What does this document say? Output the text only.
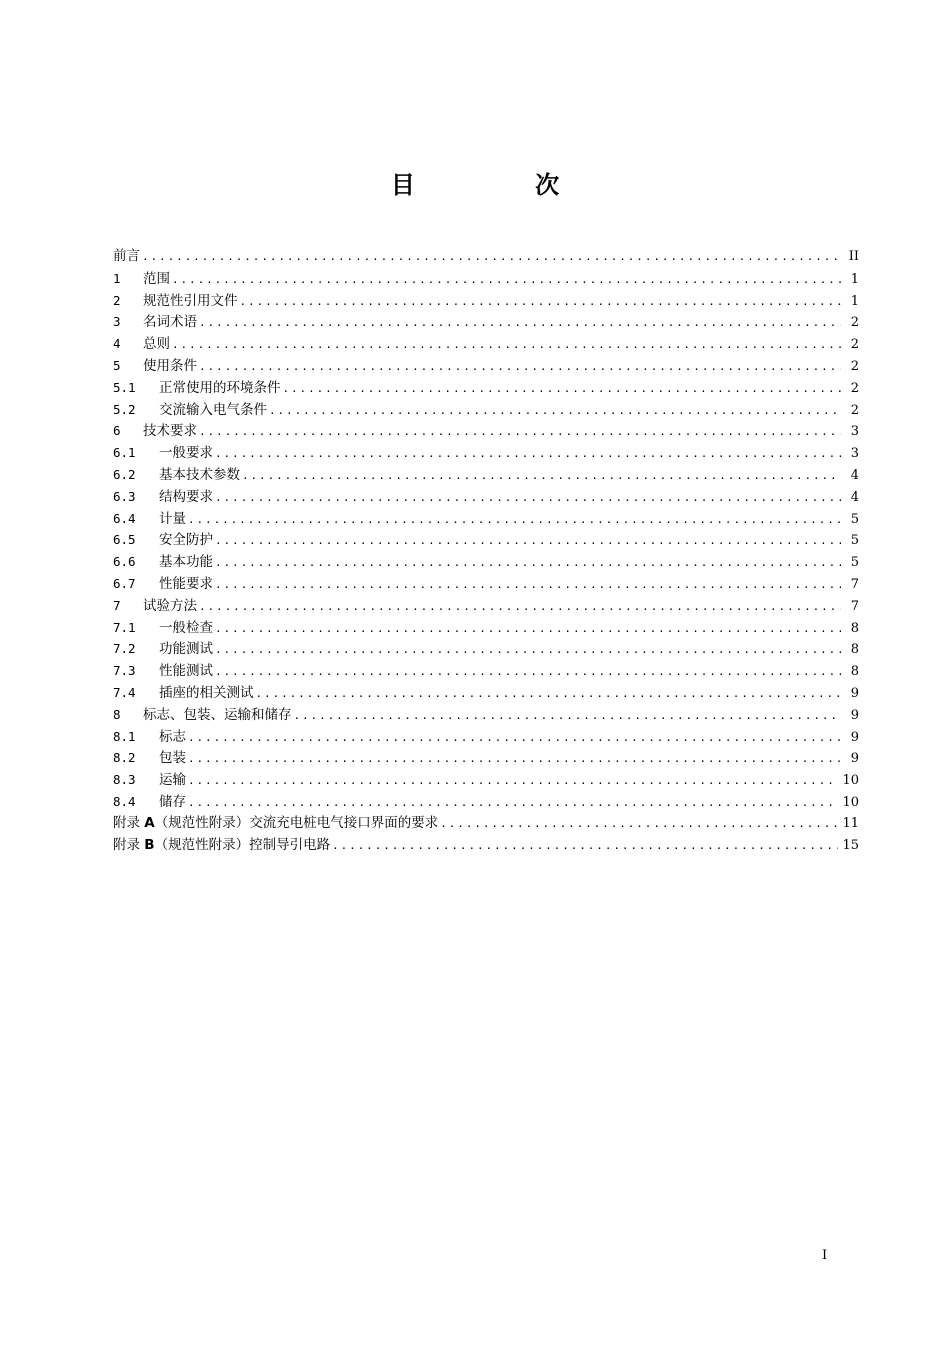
目 次
前言 .....	II
1	范围 .....	1
2	规范性引用文件 .....	1
3	名词术语 .....	2
4	总则 .....	2
5	使用条件 .....	2
5.1	正常使用的环境条件 .....	2
5.2	交流输入电气条件 .....	2
6	技术要求 .....	3
6.1	一般要求 .....	3
6.2	基本技术参数 .....	4
6.3	结构要求 .....	4
6.4	计量 .....	5
6.5	安全防护 .....	5
6.6	基本功能 .....	5
6.7	性能要求 .....	7
7	试验方法 .....	7
7.1	一般检查 .....	8
7.2	功能测试 .....	8
7.3	性能测试 .....	8
7.4	插座的相关测试 .....	9
8	标志、包装、运输和储存 .....	9
8.1	标志 .....	9
8.2	包装 .....	9
8.3	运输 .....	10
8.4	储存 .....	10
附录 A（规范性附录）交流充电桩电气接口界面的要求 .....	11
附录 B（规范性附录）控制导引电路 .....	15
I
